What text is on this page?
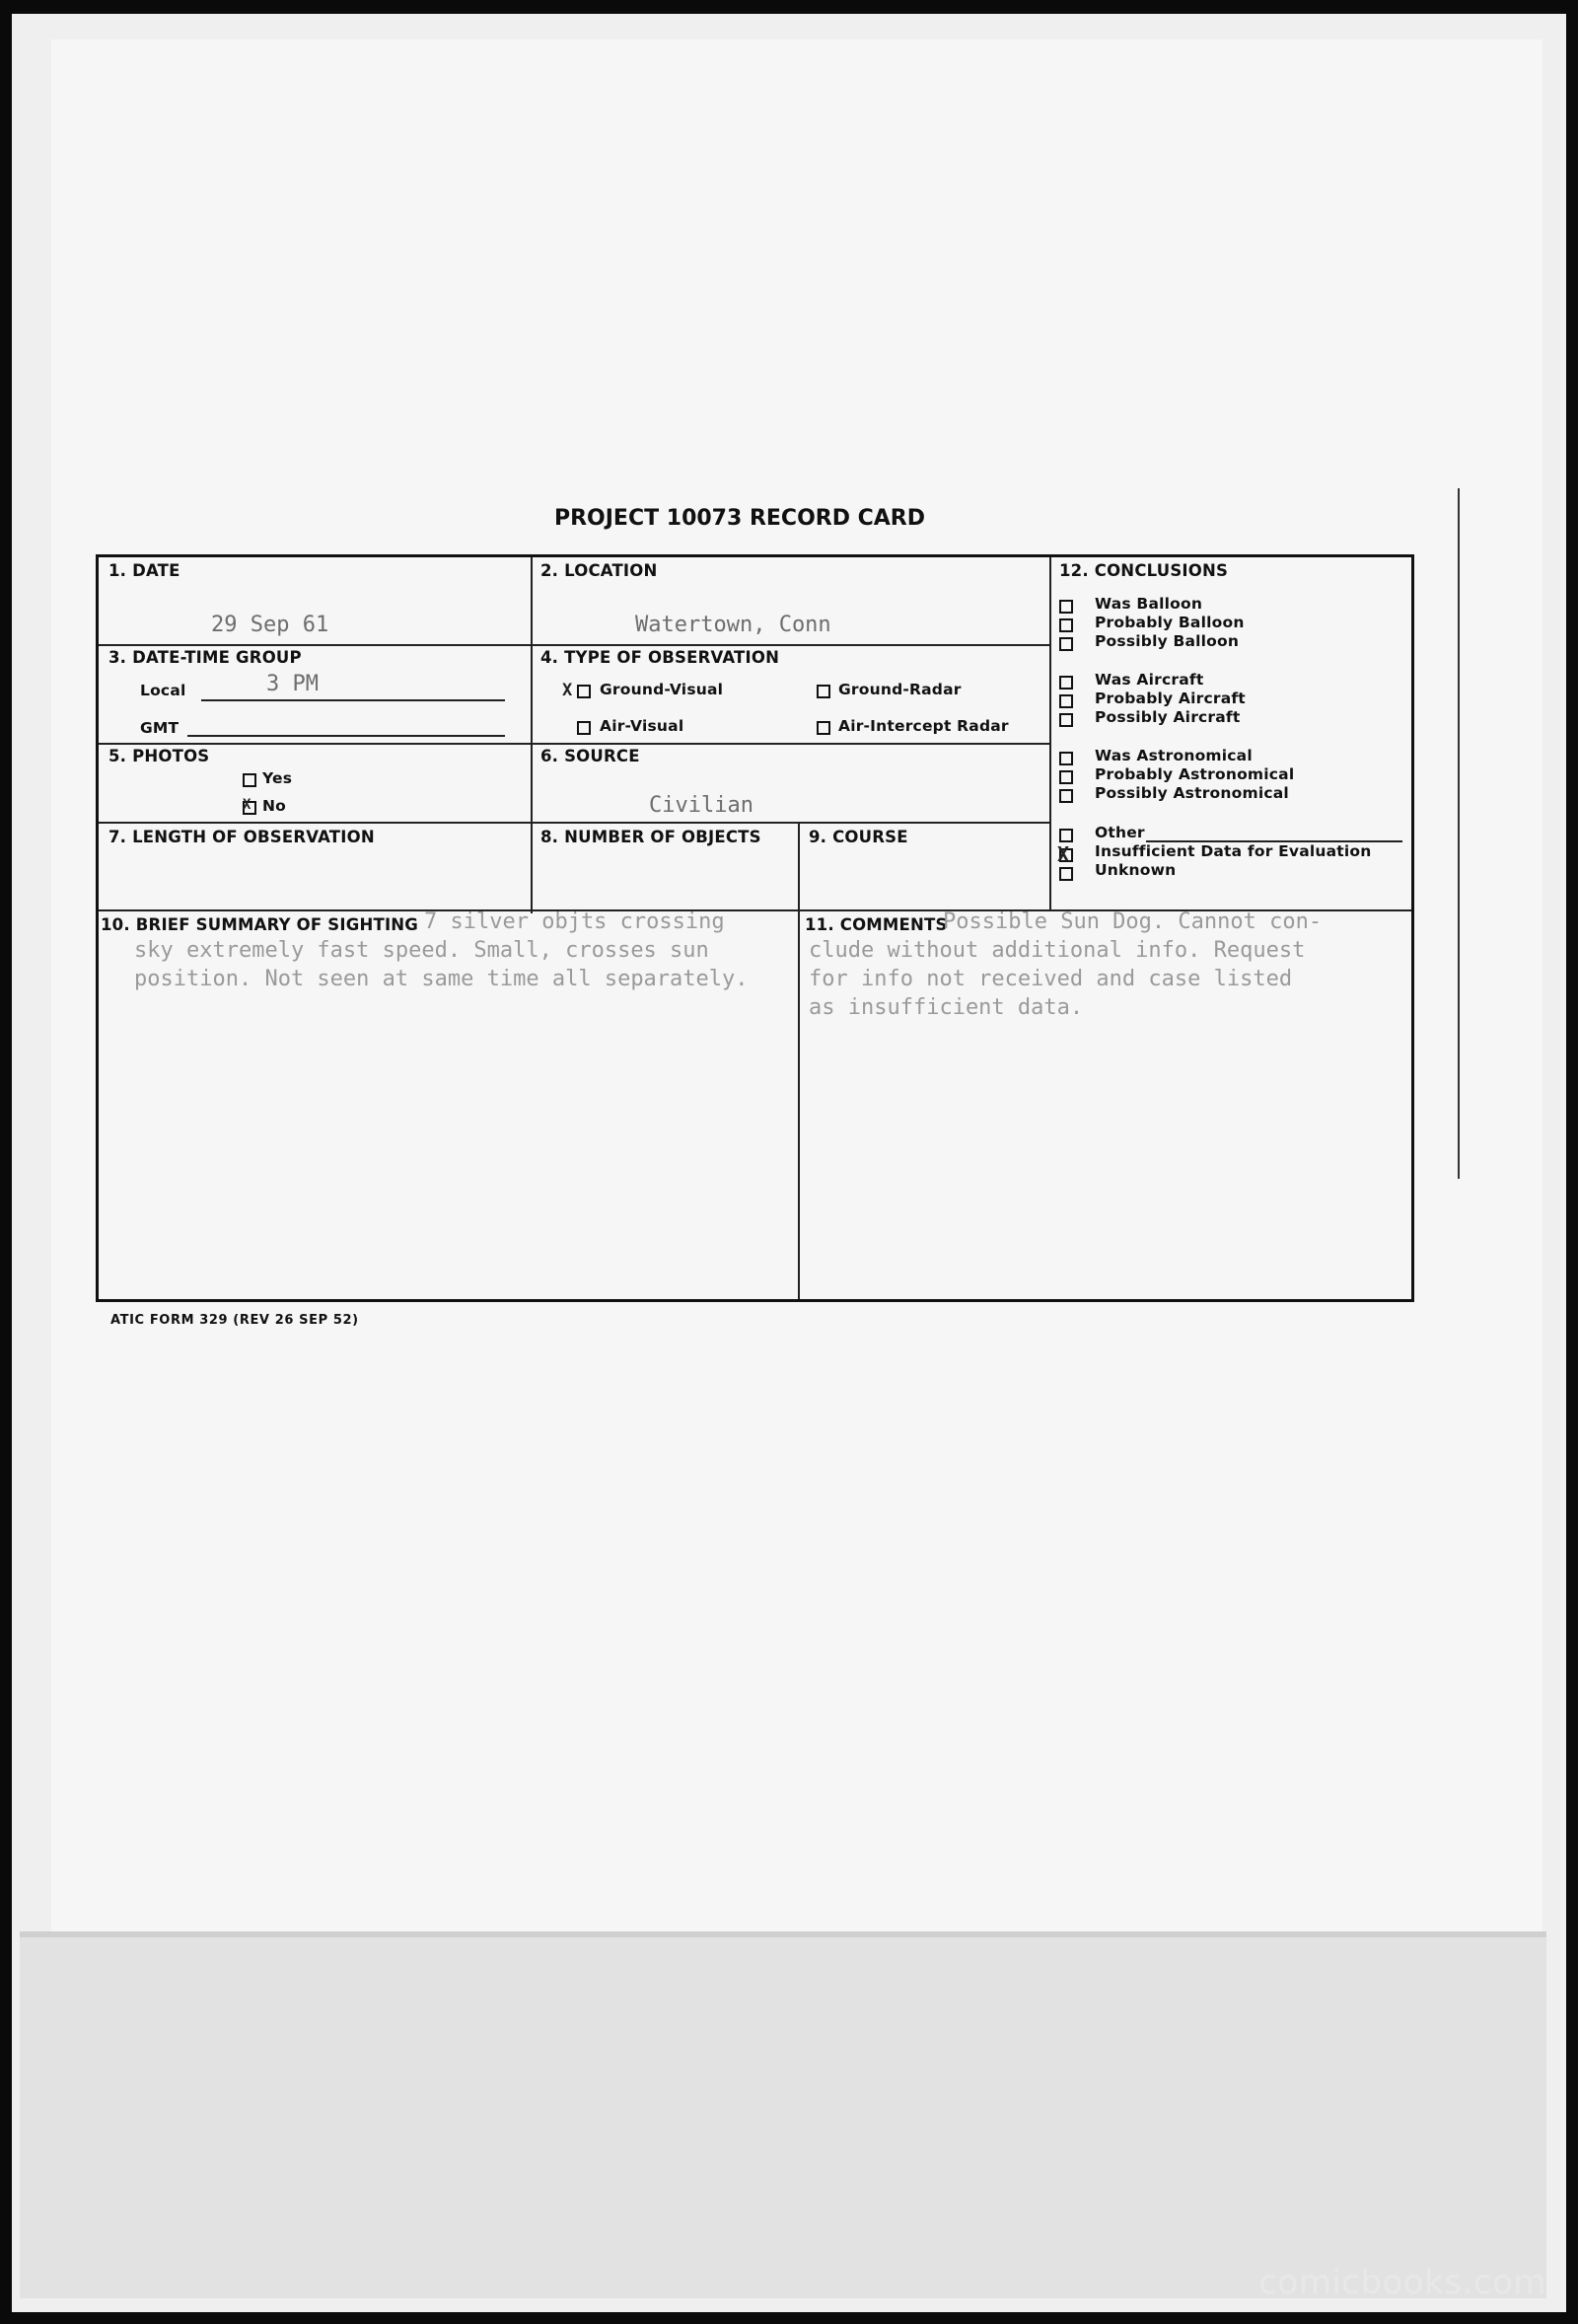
PROJECT 10073 RECORD CARD
1. DATE
29 Sep 61
2. LOCATION
Watertown, Conn
3. DATE-TIME GROUP
Local	3 PM
GMT
4. TYPE OF OBSERVATION
X Ground-Visual	Ground-Radar
Air-Visual	Air-Intercept Radar
5. PHOTOS
Yes
X No
6. SOURCE
Civilian
7. LENGTH OF OBSERVATION	8. NUMBER OF OBJECTS	9. COURSE
12. CONCLUSIONS
Was Balloon
Probably Balloon
Possibly Balloon
Was Aircraft
Probably Aircraft
Possibly Aircraft
Was Astronomical
Probably Astronomical
Possibly Astronomical
Other
X Insufficient Data for Evaluation
Unknown
10. BRIEF SUMMARY OF SIGHTING 7 silver objts crossing
sky extremely fast speed. Small, crosses sun
position. Not seen at same time all separately.
11. COMMENTS
Possible Sun Dog. Cannot con-
clude without additional info. Request
for info not received and case listed
as insufficient data.
ATIC FORM 329 (REV 26 SEP 52)
comicbooks.com
